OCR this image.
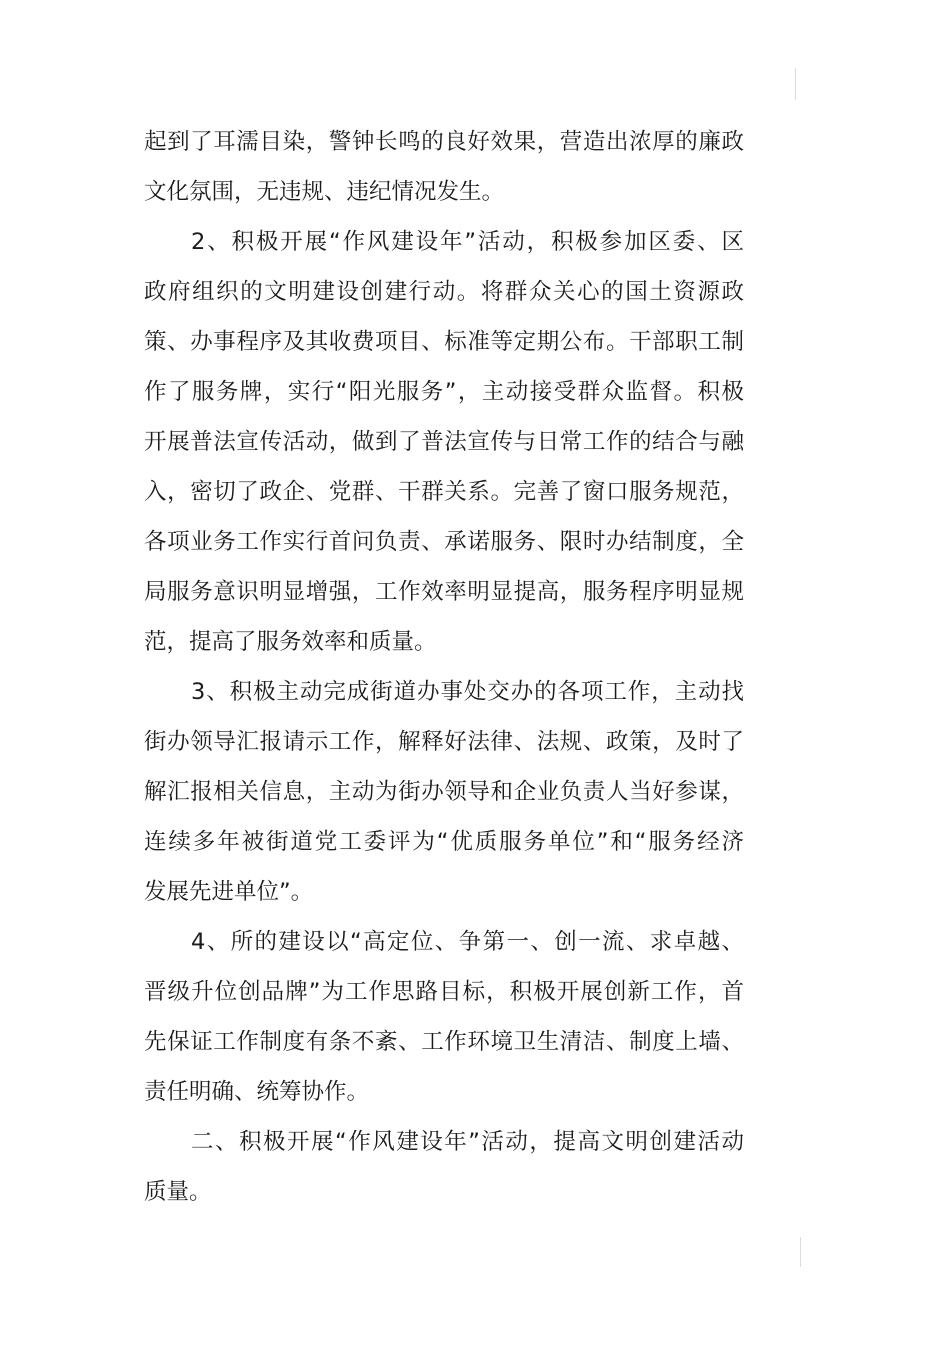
起到了耳濡目染，警钟长鸣的良好效果，营造出浓厚的廉政
文化氛围，无违规、违纪情况发生。
2、积极开展“作风建设年”活动，积极参加区委、区
政府组织的文明建设创建行动。将群众关心的国土资源政
策、办事程序及其收费项目、标准等定期公布。干部职工制
作了服务牌，实行“阳光服务”，主动接受群众监督。积极
开展普法宣传活动，做到了普法宣传与日常工作的结合与融
入，密切了政企、党群、干群关系。完善了窗口服务规范，
各项业务工作实行首问负责、承诺服务、限时办结制度，全
局服务意识明显增强，工作效率明显提高，服务程序明显规
范，提高了服务效率和质量。
3、积极主动完成街道办事处交办的各项工作，主动找
街办领导汇报请示工作，解释好法律、法规、政策，及时了
解汇报相关信息，主动为街办领导和企业负责人当好参谋，
连续多年被街道党工委评为“优质服务单位”和“服务经济
发展先进单位”。
4、所的建设以“高定位、争第一、创一流、求卓越、
晋级升位创品牌”为工作思路目标，积极开展创新工作，首
先保证工作制度有条不紊、工作环境卫生清洁、制度上墙、
责任明确、统筹协作。
二、积极开展“作风建设年”活动，提高文明创建活动
质量。
